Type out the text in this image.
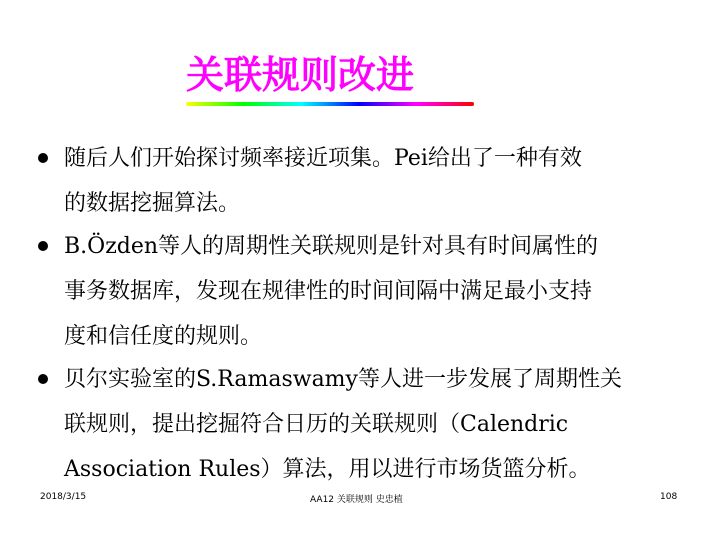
关联规则改进

随后人们开始探讨频率接近项集。Pei给出了一种有效
的数据挖掘算法。

B.Özden等人的周期性关联规则是针对具有时间属性的
事务数据库，发现在规律性的时间间隔中满足最小支持
度和信任度的规则。

贝尔实验室的S.Ramaswamy等人进一步发展了周期性关
联规则，提出挖掘符合日历的关联规则（Calendric
Association Rules）算法，用以进行市场货篮分析。

2018/3/15	AA12 关联规则 史忠植	108
